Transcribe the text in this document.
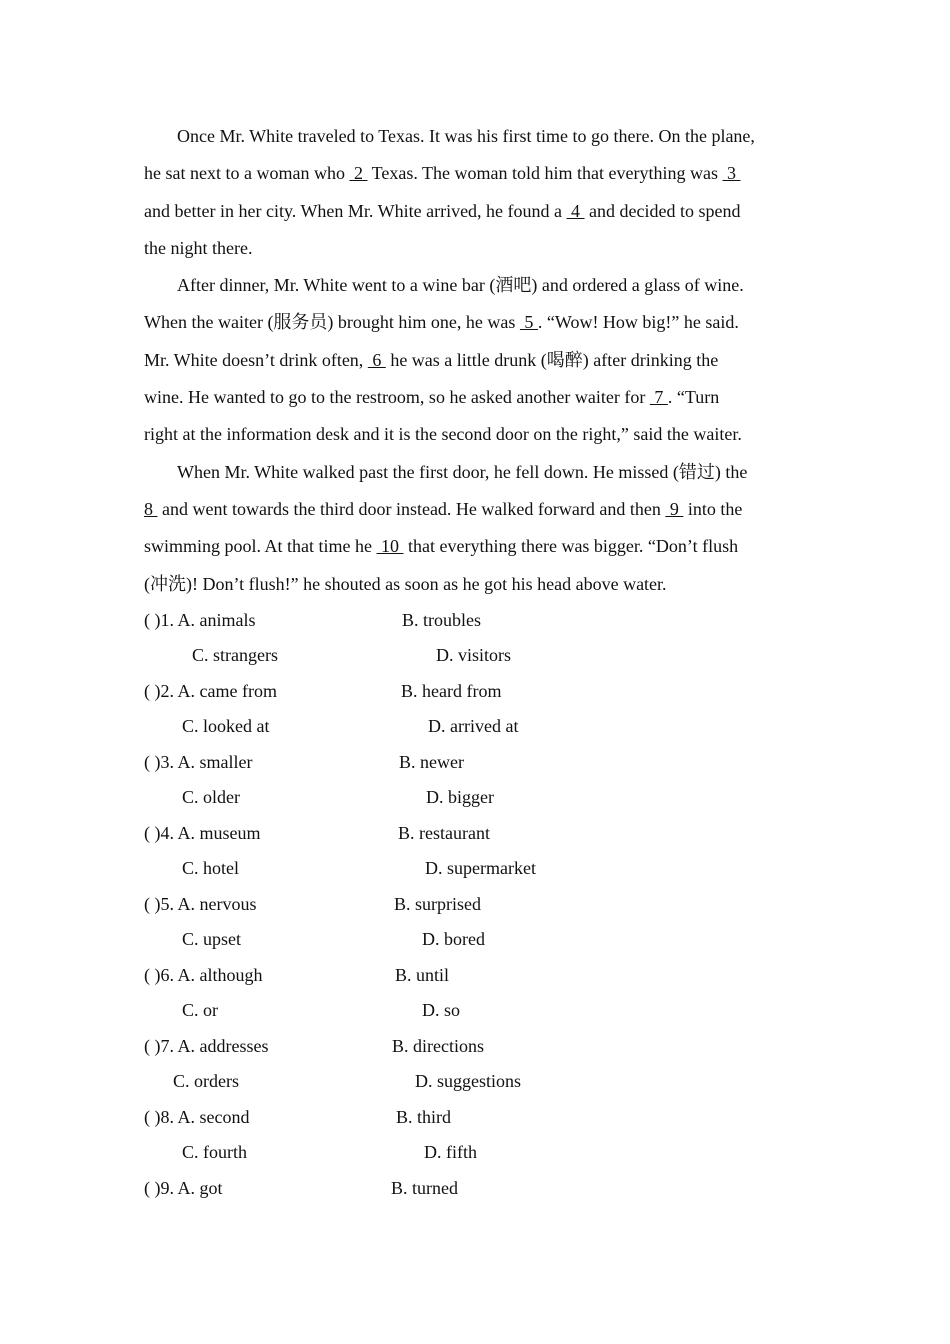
Once Mr. White traveled to Texas. It was his first time to go there. On the plane,
he sat next to a woman who  2  Texas. The woman told him that everything was  3
and better in her city. When Mr. White arrived, he found a  4  and decided to spend
the night there.
After dinner, Mr. White went to a wine bar (酒吧) and ordered a glass of wine.
When the waiter (服务员) brought him one, he was  5 . “Wow! How big!” he said.
Mr. White doesn’t drink often,  6  he was a little drunk (喝醉) after drinking the
wine. He wanted to go to the restroom, so he asked another waiter for  7 . “Turn
right at the information desk and it is the second door on the right,” said the waiter.
When Mr. White walked past the first door, he fell down. He missed (错过) the
8  and went towards the third door instead. He walked forward and then  9  into the
swimming pool. At that time he  10  that everything there was bigger. “Don’t flush
(冲洗)! Don’t flush!” he shouted as soon as he got his head above water.
( )1. A. animals	B. troubles
C. strangers	D. visitors
( )2. A. came from	B. heard from
C. looked at	D. arrived at
( )3. A. smaller	B. newer
C. older	D. bigger
( )4. A. museum	B. restaurant
C. hotel	D. supermarket
( )5. A. nervous	B. surprised
C. upset	D. bored
( )6. A. although	B. until
C. or	D. so
( )7. A. addresses	B. directions
C. orders	D. suggestions
( )8. A. second	B. third
C. fourth	D. fifth
( )9. A. got	B. turned
